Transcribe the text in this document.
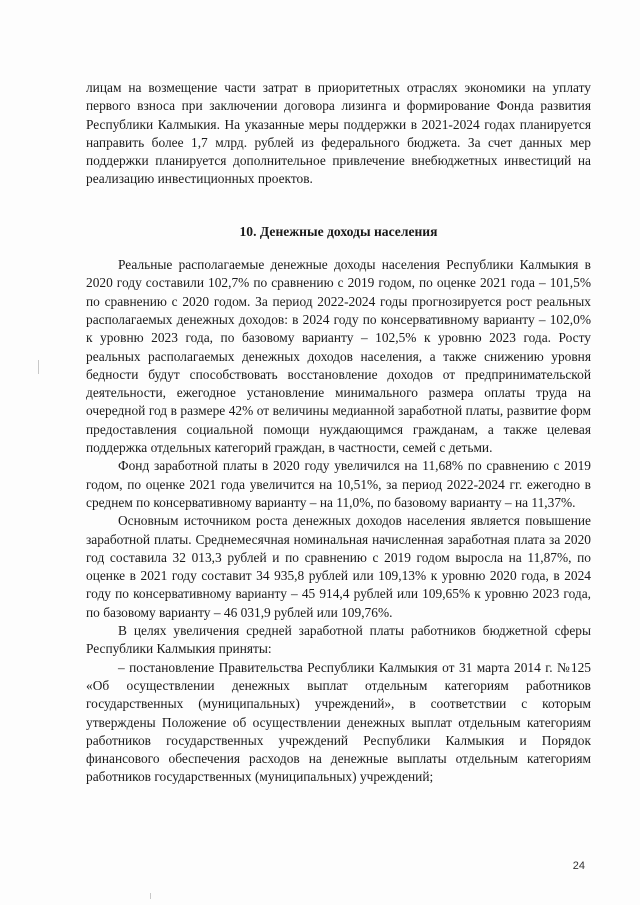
лицам на возмещение части затрат в приоритетных отраслях экономики на уплату первого взноса при заключении договора лизинга и формирование Фонда развития Республики Калмыкия. На указанные меры поддержки в 2021-2024 годах планируется направить более 1,7 млрд. рублей из федерального бюджета. За счет данных мер поддержки планируется дополнительное привлечение внебюджетных инвестиций на реализацию инвестиционных проектов.

10. Денежные доходы населения

Реальные располагаемые денежные доходы населения Республики Калмыкия в 2020 году составили 102,7% по сравнению с 2019 годом, по оценке 2021 года – 101,5% по сравнению с 2020 годом. За период 2022-2024 годы прогнозируется рост реальных располагаемых денежных доходов: в 2024 году по консервативному варианту – 102,0% к уровню 2023 года, по базовому варианту – 102,5% к уровню 2023 года. Росту реальных располагаемых денежных доходов населения, а также снижению уровня бедности будут способствовать восстановление доходов от предпринимательской деятельности, ежегодное установление минимального размера оплаты труда на очередной год в размере 42% от величины медианной заработной платы, развитие форм предоставления социальной помощи нуждающимся гражданам, а также целевая поддержка отдельных категорий граждан, в частности, семей с детьми.

Фонд заработной платы в 2020 году увеличился на 11,68% по сравнению с 2019 годом, по оценке 2021 года увеличится на 10,51%, за период 2022-2024 гг. ежегодно в среднем по консервативному варианту – на 11,0%, по базовому варианту – на 11,37%.

Основным источником роста денежных доходов населения является повышение заработной платы. Среднемесячная номинальная начисленная заработная плата за 2020 год составила 32 013,3 рублей и по сравнению с 2019 годом выросла на 11,87%, по оценке в 2021 году составит 34 935,8 рублей или 109,13% к уровню 2020 года, в 2024 году по консервативному варианту – 45 914,4 рублей или 109,65% к уровню 2023 года, по базовому варианту – 46 031,9 рублей или 109,76%.

В целях увеличения средней заработной платы работников бюджетной сферы Республики Калмыкия приняты:

– постановление Правительства Республики Калмыкия от 31 марта 2014 г. №125 «Об осуществлении денежных выплат отдельным категориям работников государственных (муниципальных) учреждений», в соответствии с которым утверждены Положение об осуществлении денежных выплат отдельным категориям работников государственных учреждений Республики Калмыкия и Порядок финансового обеспечения расходов на денежные выплаты отдельным категориям работников государственных (муниципальных) учреждений;

24
